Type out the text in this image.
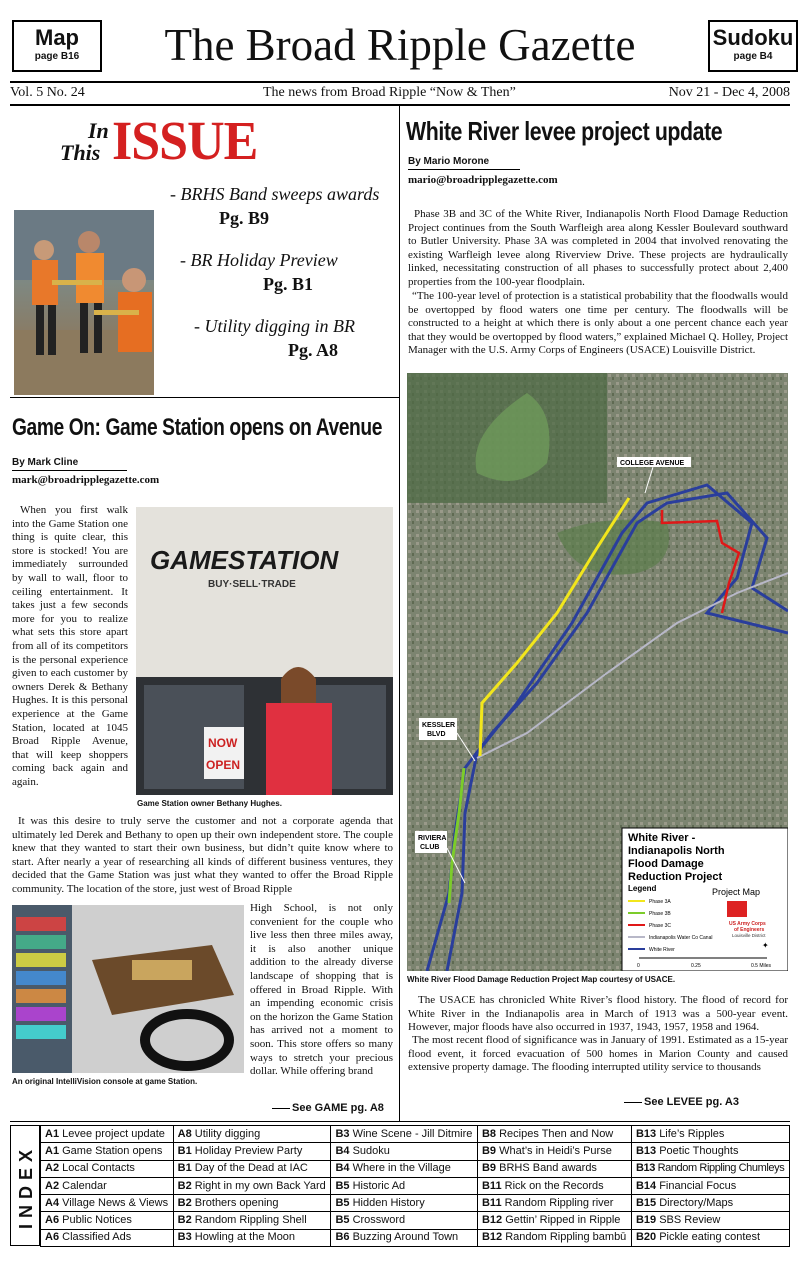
Map
page B16	The Broad Ripple Gazette	Sudoku
page B4
Vol. 5 No. 24	The news from Broad Ripple “Now & Then”	Nov 21 - Dec 4, 2008
In
This ISSUE
- BRHS Band sweeps awards
Pg. B9
- BR Holiday Preview
Pg. B1
- Utility digging in BR
Pg. A8
Game On: Game Station opens on Avenue
By Mark Cline
mark@broadripplegazette.com
When you first walk into the Game Station one thing is quite clear, this store is stocked! You are immediately surrounded by wall to wall, floor to ceiling entertainment. It takes just a few seconds more for you to realize what sets this store apart from all of its competitors is the personal experience given to each customer by owners Derek & Bethany Hughes. It is this personal experience at the Game Station, located at 1045 Broad Ripple Avenue, that will keep shoppers coming back again and again.
GAMESTATION
BUY·SELL·TRADE
NOW
OPEN
Game Station owner Bethany Hughes.
It was this desire to truly serve the customer and not a corporate agenda that ultimately led Derek and Bethany to open up their own independent store. The couple knew that they wanted to start their own business, but didn’t quite know where to start. After nearly a year of researching all kinds of different business ventures, they decided that the Game Station was just what they wanted to offer the Broad Ripple community. The location of the store, just west of Broad Ripple
An original IntelliVision console at game Station.
High School, is not only convenient for the couple who live less then three miles away, it is also another unique addition to the already diverse landscape of shopping that is offered in Broad Ripple. With an impending economic crisis on the horizon the Game Station has arrived not a moment to soon. This store offers so many ways to stretch your precious dollar. While offering brand
See GAME pg. A8
White River levee project update
By Mario Morone
mario@broadripplegazette.com
Phase 3B and 3C of the White River, Indianapolis North Flood Damage Reduction Project continues from the South Warfleigh area along Kessler Boulevard southward to Butler University. Phase 3A was completed in 2004 that involved renovating the existing Warfleigh levee along Riverview Drive. These projects are hydraulically linked, necessitating construction of all phases to successfully protect about 2,400 properties from the 100-year floodplain.
“The 100-year level of protection is a statistical probability that the floodwalls would be overtopped by flood waters one time per century. The floodwalls will be constructed to a height at which there is only about a one percent chance each year that they would be overtopped by flood waters,” explained Michael Q. Holley, Project Manager with the U.S. Army Corps of Engineers (USACE) Louisville District.
COLLEGE AVENUE
KESSLER
BLVD
RIVIERA
CLUB
White River -
Indianapolis North
Flood Damage
Reduction Project
Legend	Project Map
Phase 3A
Phase 3B
Phase 3C
Indianapolis Water Co Canal
White River
US Army Corps
of Engineers
Louisville District
✦
0	0.25	0.5 Miles
White River Flood Damage Reduction Project Map courtesy of USACE.
The USACE has chronicled White River’s flood history. The flood of record for White River in the Indianapolis area in March of 1913 was a 500-year event. However, major floods have also occurred in 1937, 1943, 1957, 1958 and 1964.
The most recent flood of significance was in January of 1991. Estimated as a 15-year flood event, it forced evacuation of 500 homes in Marion County and caused extensive property damage. The flooding interrupted utility service to thousands
See LEVEE pg. A3
INDEX
A1 Levee project update	A8 Utility digging	B3 Wine Scene - Jill Ditmire	B8 Recipes Then and Now	B13 Life’s Ripples
A1 Game Station opens	B1 Holiday Preview Party	B4 Sudoku	B9 What’s in Heidi’s Purse	B13 Poetic Thoughts
A2 Local Contacts	B1 Day of the Dead at IAC	B4 Where in the Village	B9 BRHS Band awards	B13 Random Rippling Chumleys
A2 Calendar	B2 Right in my own Back Yard	B5 Historic Ad	B11 Rick on the Records	B14 Financial Focus
A4 Village News & Views	B2 Brothers opening	B5 Hidden History	B11 Random Rippling river	B15 Directory/Maps
A6 Public Notices	B2 Random Rippling Shell	B5 Crossword	B12 Gettin’ Ripped in Ripple	B19 SBS Review
A6 Classified Ads	B3 Howling at the Moon	B6 Buzzing Around Town	B12 Random Rippling bambū	B20 Pickle eating contest
